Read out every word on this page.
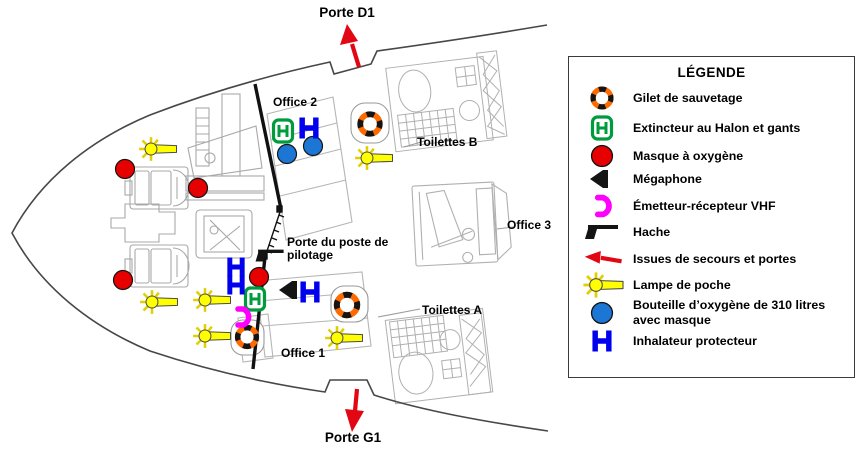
Porte D1
Porte G1
Office 2
Office 1
Office 3
Toilettes B
Toilettes A
Porte du poste de pilotage
LÉGENDE
Gilet de sauvetage
Extincteur au Halon et gants
Masque à oxygène
Mégaphone
Émetteur-récepteur VHF
Hache
Issues de secours et portes
Lampe de poche
Bouteille d’oxygène de 310 litres avec masque
Inhalateur protecteur
